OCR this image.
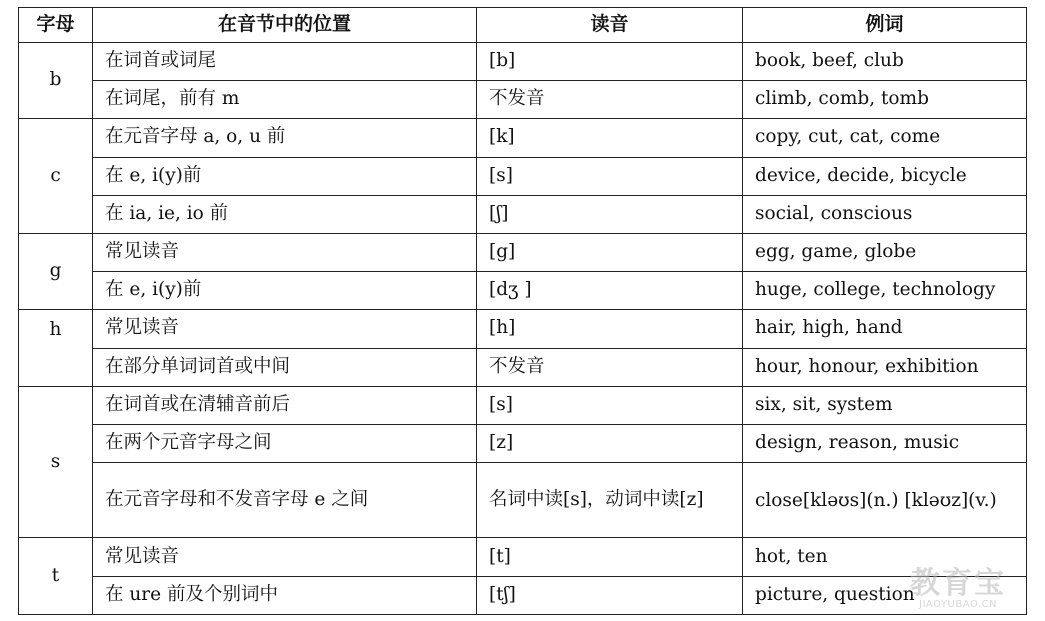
字母	在音节中的位置	读音	例词
b	在词首或词尾	[b]	book, beef, club
	在词尾，前有 m	不发音	climb, comb, tomb
c	在元音字母 a, o, u 前	[k]	copy, cut, cat, come
	在 e, i(y)前	[s]	device, decide, bicycle
	在 ia, ie, io 前	[ʃ]	social, conscious
g	常见读音	[g]	egg, game, globe
	在 e, i(y)前	[dʒ ]	huge, college, technology
h	常见读音	[h]	hair, high, hand
	在部分单词词首或中间	不发音	hour, honour, exhibition
s	在词首或在清辅音前后	[s]	six, sit, system
	在两个元音字母之间	[z]	design, reason, music
	在元音字母和不发音字母 e 之间	名词中读[s]，动词中读[z]	close[kləʊs](n.) [kləʊz](v.)
t	常见读音	[t]	hot, ten
	在 ure 前及个别词中	[tʃ]	picture, question
教育宝
JIAOYUBAO.CN
